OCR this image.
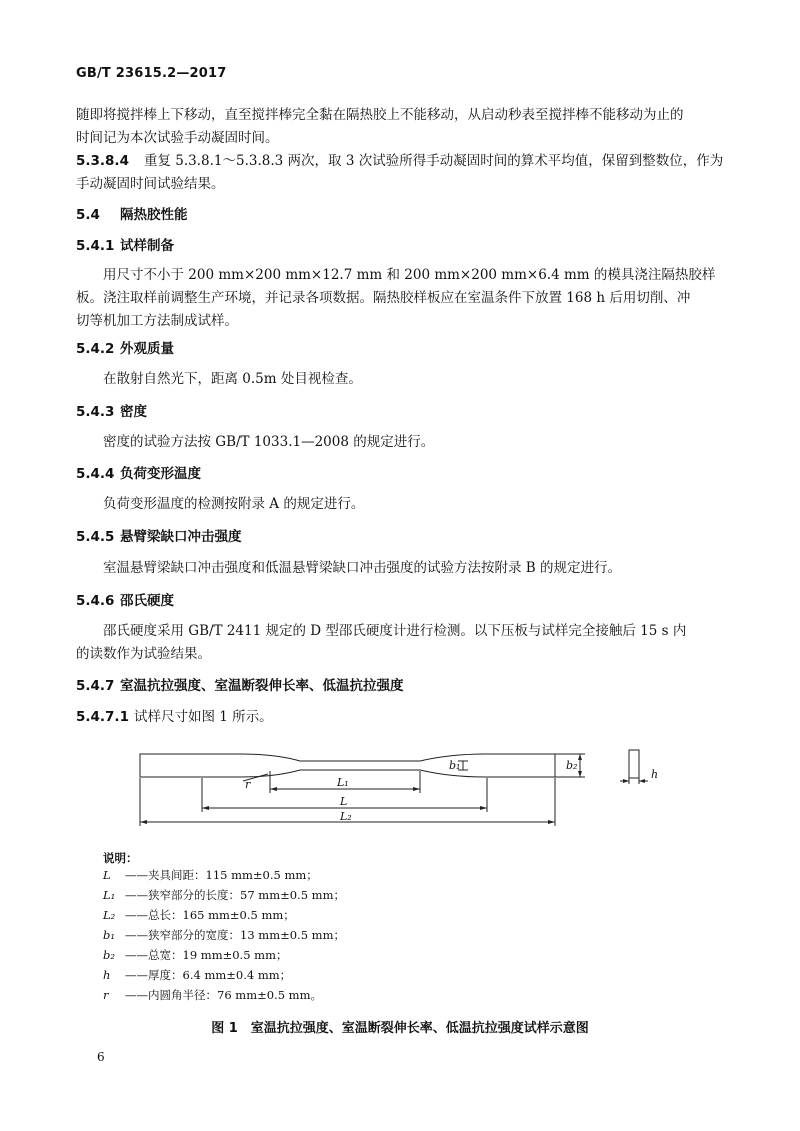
GB/T 23615.2—2017
随即将搅拌棒上下移动，直至搅拌棒完全黏在隔热胶上不能移动，从启动秒表至搅拌棒不能移动为止的
时间记为本次试验手动凝固时间。
5.3.8.4 重复 5.3.8.1～5.3.8.3 两次，取 3 次试验所得手动凝固时间的算术平均值，保留到整数位，作为
手动凝固时间试验结果。
5.4 隔热胶性能
5.4.1 试样制备
用尺寸不小于 200 mm×200 mm×12.7 mm 和 200 mm×200 mm×6.4 mm 的模具浇注隔热胶样
板。浇注取样前调整生产环境，并记录各项数据。隔热胶样板应在室温条件下放置 168 h 后用切削、冲
切等机加工方法制成试样。
5.4.2 外观质量
在散射自然光下，距离 0.5m 处目视检查。
5.4.3 密度
密度的试验方法按 GB/T 1033.1—2008 的规定进行。
5.4.4 负荷变形温度
负荷变形温度的检测按附录 A 的规定进行。
5.4.5 悬臂梁缺口冲击强度
室温悬臂梁缺口冲击强度和低温悬臂梁缺口冲击强度的试验方法按附录 B 的规定进行。
5.4.6 邵氏硬度
邵氏硬度采用 GB/T 2411 规定的 D 型邵氏硬度计进行检测。以下压板与试样完全接触后 15 s 内
的读数作为试验结果。
5.4.7 室温抗拉强度、室温断裂伸长率、低温抗拉强度
5.4.7.1 试样尺寸如图 1 所示。
b₁	b₂
r	L₁
L
L₂
h
说明：
L ——夹具间距：115 mm±0.5 mm；
L₁ ——狭窄部分的长度：57 mm±0.5 mm；
L₂ ——总长：165 mm±0.5 mm；
b₁ ——狭窄部分的宽度：13 mm±0.5 mm；
b₂ ——总宽：19 mm±0.5 mm；
h ——厚度：6.4 mm±0.4 mm；
r ——内圆角半径：76 mm±0.5 mm。
图 1　室温抗拉强度、室温断裂伸长率、低温抗拉强度试样示意图
6
